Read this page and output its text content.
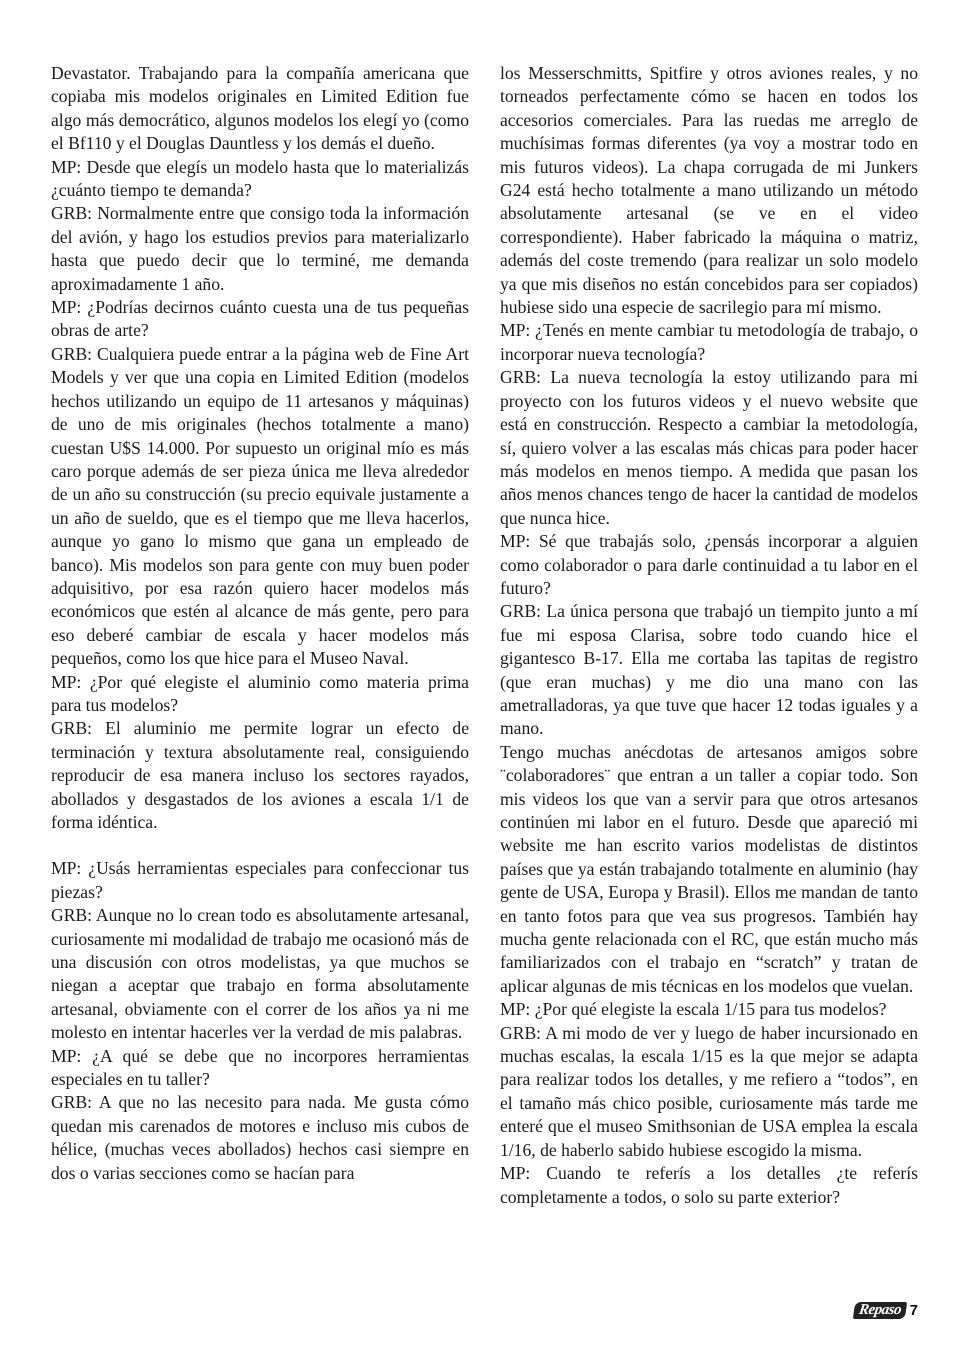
Devastator. Trabajando para la compañía americana que copiaba mis modelos originales en Limited Edition fue algo más democrático, algunos modelos los elegí yo (como el Bf110 y el Douglas Dauntless y los demás el dueño.

MP: Desde que elegís un modelo hasta que lo materializás ¿cuánto tiempo te demanda?

GRB: Normalmente entre que consigo toda la información del avión, y hago los estudios previos para materializarlo hasta que puedo decir que lo terminé, me demanda aproximadamente 1 año.

MP: ¿Podrías decirnos cuánto cuesta una de tus pequeñas obras de arte?

GRB: Cualquiera puede entrar a la página web de Fine Art Models y ver que una copia en Limited Edition (modelos hechos utilizando un equipo de 11 artesanos y máquinas) de uno de mis originales (hechos totalmente a mano) cuestan U$S 14.000. Por supuesto un original mío es más caro porque además de ser pieza única me lleva alrededor de un año su construcción (su precio equivale justamente a un año de sueldo, que es el tiempo que me lleva hacerlos, aunque yo gano lo mismo que gana un empleado de banco). Mis modelos son para gente con muy buen poder adquisitivo, por esa razón quiero hacer modelos más económicos que estén al alcance de más gente, pero para eso deberé cambiar de escala y hacer modelos más pequeños, como los que hice para el Museo Naval.

MP: ¿Por qué elegiste el aluminio como materia prima para tus modelos?

GRB: El aluminio me permite lograr un efecto de terminación y textura absolutamente real, consiguiendo reproducir de esa manera incluso los sectores rayados, abollados y desgastados de los aviones a escala 1/1 de forma idéntica.

MP: ¿Usás herramientas especiales para confeccionar tus piezas?

GRB: Aunque no lo crean todo es absolutamente artesanal, curiosamente mi modalidad de trabajo me ocasionó más de una discusión con otros modelistas, ya que muchos se niegan a aceptar que trabajo en forma absolutamente artesanal, obviamente con el correr de los años ya ni me molesto en intentar hacerles ver la verdad de mis palabras.

MP: ¿A qué se debe que no incorpores herramientas especiales en tu taller?

GRB: A que no las necesito para nada. Me gusta cómo quedan mis carenados de motores e incluso mis cubos de hélice, (muchas veces abollados) hechos casi siempre en dos o varias secciones como se hacían para

los Messerschmitts, Spitfire y otros aviones reales, y no torneados perfectamente cómo se hacen en todos los accesorios comerciales. Para las ruedas me arreglo de muchísimas formas diferentes (ya voy a mostrar todo en mis futuros videos). La chapa corrugada de mi Junkers G24 está hecho totalmente a mano utilizando un método absolutamente artesanal (se ve en el video correspondiente). Haber fabricado la máquina o matriz, además del coste tremendo (para realizar un solo modelo ya que mis diseños no están concebidos para ser copiados) hubiese sido una especie de sacrilegio para mí mismo.

MP: ¿Tenés en mente cambiar tu metodología de trabajo, o incorporar nueva tecnología?

GRB: La nueva tecnología la estoy utilizando para mi proyecto con los futuros videos y el nuevo website que está en construcción. Respecto a cambiar la metodología, sí, quiero volver a las escalas más chicas para poder hacer más modelos en menos tiempo. A medida que pasan los años menos chances tengo de hacer la cantidad de modelos que nunca hice.

MP: Sé que trabajás solo, ¿pensás incorporar a alguien como colaborador o para darle continuidad a tu labor en el futuro?

GRB: La única persona que trabajó un tiempito junto a mí fue mi esposa Clarisa, sobre todo cuando hice el gigantesco B-17. Ella me cortaba las tapitas de registro (que eran muchas) y me dio una mano con las ametralladoras, ya que tuve que hacer 12 todas iguales y a mano.

Tengo muchas anécdotas de artesanos amigos sobre ¨colaboradores¨ que entran a un taller a copiar todo. Son mis videos los que van a servir para que otros artesanos continúen mi labor en el futuro. Desde que apareció mi website me han escrito varios modelistas de distintos países que ya están trabajando totalmente en aluminio (hay gente de USA, Europa y Brasil). Ellos me mandan de tanto en tanto fotos para que vea sus progresos. También hay mucha gente relacionada con el RC, que están mucho más familiarizados con el trabajo en “scratch” y tratan de aplicar algunas de mis técnicas en los modelos que vuelan.

MP: ¿Por qué elegiste la escala 1/15 para tus modelos?

GRB: A mi modo de ver y luego de haber incursionado en muchas escalas, la escala 1/15 es la que mejor se adapta para realizar todos los detalles, y me refiero a “todos”, en el tamaño más chico posible, curiosamente más tarde me enteré que el museo Smithsonian de USA emplea la escala 1/16, de haberlo sabido hubiese escogido la misma.

MP: Cuando te referís a los detalles ¿te referís completamente a todos, o solo su parte exterior?

Repaso 7
